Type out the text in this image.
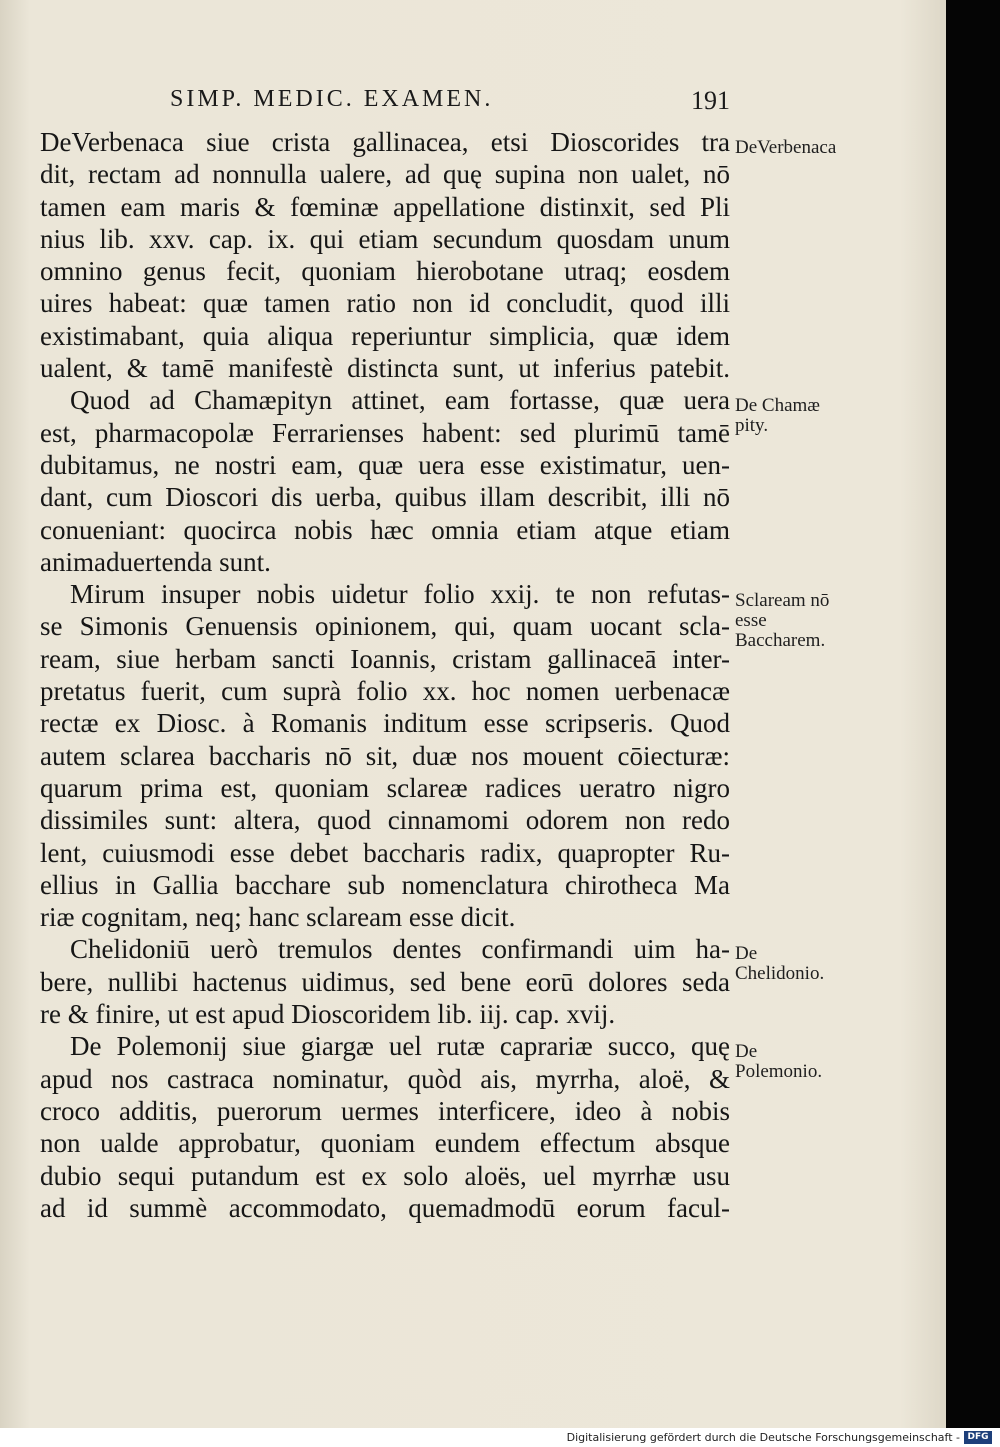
SIMP. MEDIC. EXAMEN.	191
DeVerbenaca siue crista gallinacea, etsi Dioscorides tra
dit, rectam ad nonnulla ualere, ad quę supina non ualet, nō
tamen eam maris & fœminæ appellatione distinxit, sed Pli
nius lib. xxv. cap. ix. qui etiam secundum quosdam unum
omnino genus fecit, quoniam hierobotane utraq; eosdem
uires habeat: quæ tamen ratio non id concludit, quod illi
existimabant, quia aliqua reperiuntur simplicia, quæ idem
ualent, & tamē manifestè distincta sunt, ut inferius patebit.
Quod ad Chamæpityn attinet, eam fortasse, quæ uera
est, pharmacopolæ Ferrarienses habent: sed plurimū tamē
dubitamus, ne nostri eam, quæ uera esse existimatur, uen-
dant, cum Dioscori dis uerba, quibus illam describit, illi nō
conueniant: quocirca nobis hæc omnia etiam atque etiam
animaduertenda sunt.
Mirum insuper nobis uidetur folio xxij. te non refutas-
se Simonis Genuensis opinionem, qui, quam uocant scla-
ream, siue herbam sancti Ioannis, cristam gallinaceā inter-
pretatus fuerit, cum suprà folio xx. hoc nomen uerbenacæ
rectæ ex Diosc. à Romanis inditum esse scripseris. Quod
autem sclarea baccharis nō sit, duæ nos mouent cōiecturæ:
quarum prima est, quoniam sclareæ radices ueratro nigro
dissimiles sunt: altera, quod cinnamomi odorem non redo
lent, cuiusmodi esse debet baccharis radix, quapropter Ru-
ellius in Gallia bacchare sub nomenclatura chirotheca Ma
riæ cognitam, neq; hanc sclaream esse dicit.
Chelidoniū uerò tremulos dentes confirmandi uim ha-
bere, nullibi hactenus uidimus, sed bene eorū dolores seda
re & finire, ut est apud Dioscoridem lib. iij. cap. xvij.
De Polemonij siue giargæ uel rutæ caprariæ succo, quę
apud nos castraca nominatur, quòd ais, myrrha, aloë, &
croco additis, puerorum uermes interficere, ideo à nobis
non ualde approbatur, quoniam eundem effectum absque
dubio sequi putandum est ex solo aloës, uel myrrhæ usu
ad id summè accommodato, quemadmodū eorum facul-
DeVerbenaca
De Chamæ pity.
Sclaream nō esse Baccharem.
De Chelidonio.
De Polemonio.
Digitalisierung gefördert durch die Deutsche Forschungsgemeinschaft - DFG
